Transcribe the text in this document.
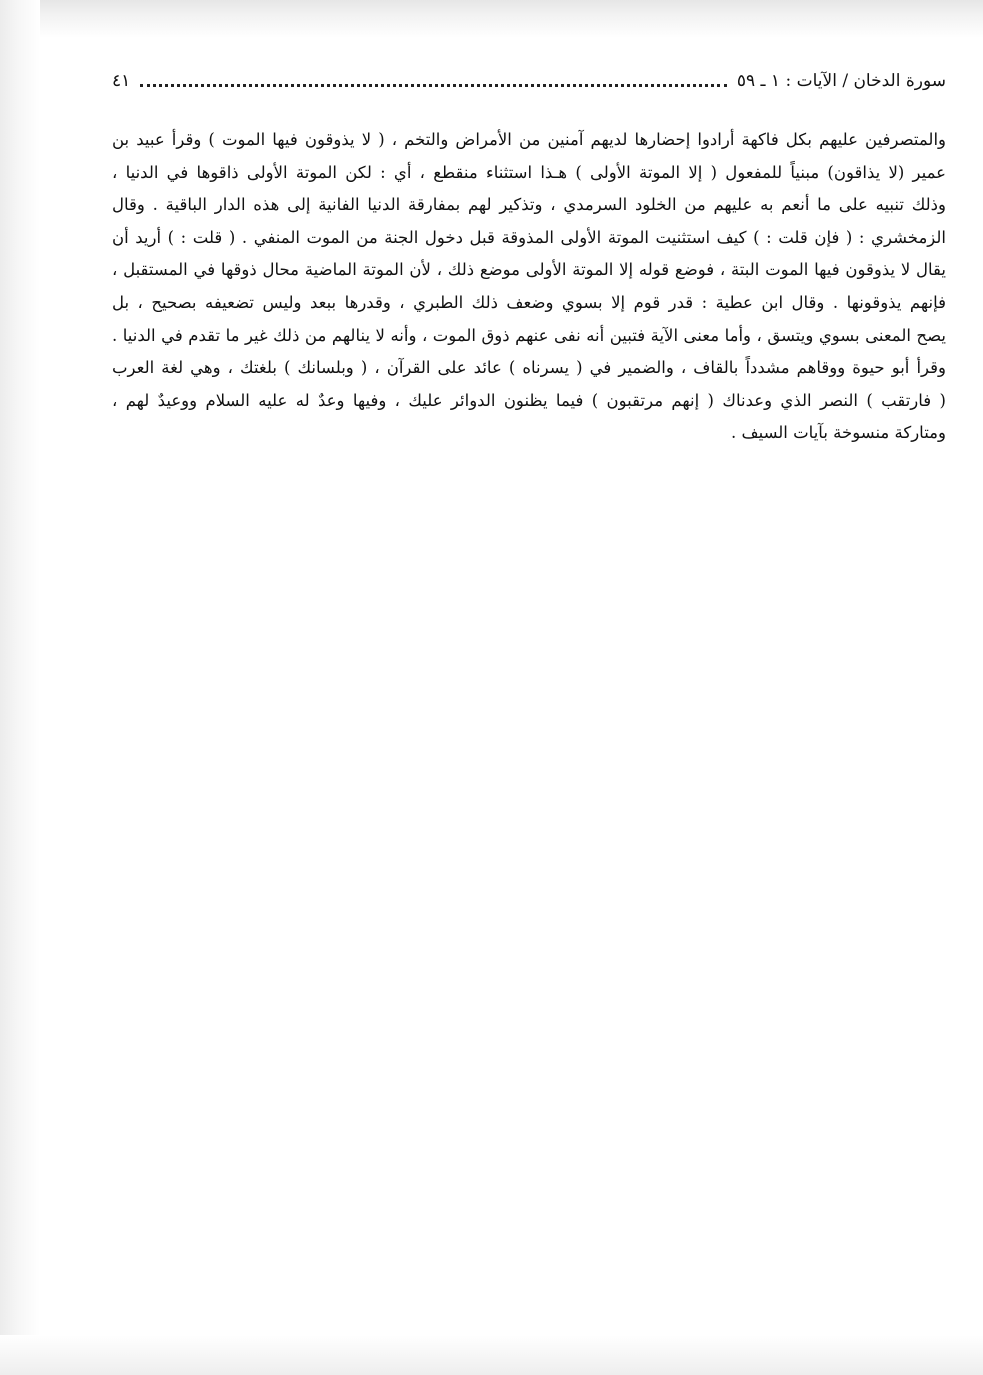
سورة الدخان / الآيات : ١ ـ ٥٩
٤١
والمتصرفين عليهم بكل فاكهة أرادوا إحضارها لديهم آمنين من الأمراض والتخم ، ( لا يذوقون فيها الموت ) وقرأ عبيد بن
عمير (لا يذاقون) مبنياً للمفعول ( إلا الموتة الأولى ) هـذا استثناء منقطع ، أي : لكن الموتة الأولى ذاقوها في الدنيا ،
وذلك تنبيه على ما أنعم به عليهم من الخلود السرمدي ، وتذكير لهم بمفارقة الدنيا الفانية إلى هذه الدار الباقية . وقال
الزمخشري : ( فإن قلت : ) كيف استثنيت الموتة الأولى المذوقة قبل دخول الجنة من الموت المنفي . ( قلت : ) أريد أن
يقال لا يذوقون فيها الموت البتة ، فوضع قوله إلا الموتة الأولى موضع ذلك ، لأن الموتة الماضية محال ذوقها في المستقبل ،
فإنهم يذوقونها . وقال ابن عطية : قدر قوم إلا بسوي وضعف ذلك الطبري ، وقدرها ببعد وليس تضعيفه بصحيح ، بل
يصح المعنى بسوي ويتسق ، وأما معنى الآية فتبين أنه نفى عنهم ذوق الموت ، وأنه لا ينالهم من ذلك غير ما تقدم في الدنيا .
وقرأ أبو حيوة ووقاهم مشدداً بالقاف ، والضمير في ( يسرناه ) عائد على القرآن ، ( وبلسانك ) بلغتك ، وهي لغة العرب
( فارتقب ) النصر الذي وعدناك ( إنهم مرتقبون ) فيما يظنون الدوائر عليك ، وفيها وعدٌ له عليه السلام ووعيدٌ لهم ،
ومتاركة منسوخة بآيات السيف .
